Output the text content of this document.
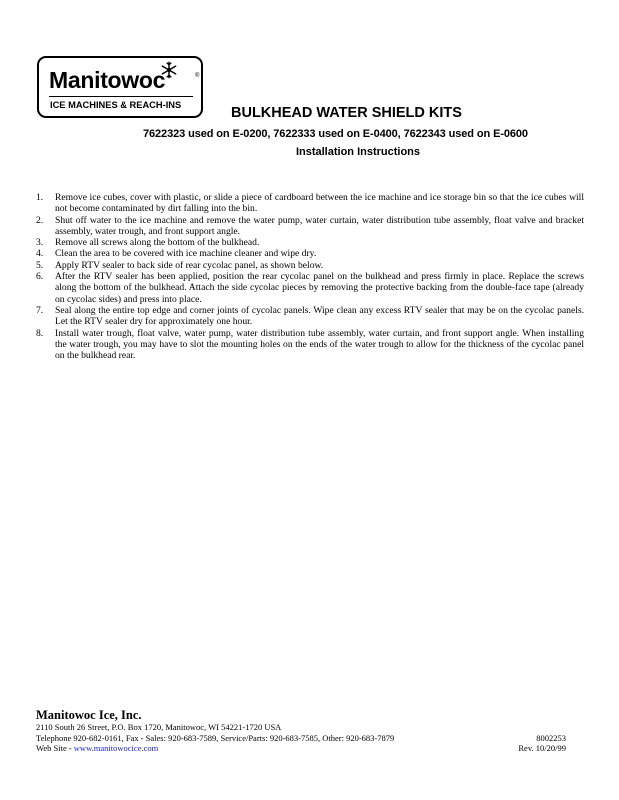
Manitowoc	®
ICE MACHINES & REACH-INS	BULKHEAD WATER SHIELD KITS
7622323 used on E-0200, 7622333 used on E-0400, 7622343 used on E-0600
Installation Instructions
1. Remove ice cubes, cover with plastic, or slide a piece of cardboard between the ice machine and ice storage bin so that the ice cubes will not become contaminated by dirt falling into the bin.
2. Shut off water to the ice machine and remove the water pump, water curtain, water distribution tube assembly, float valve and bracket assembly, water trough, and front support angle.
3. Remove all screws along the bottom of the bulkhead.
4. Clean the area to be covered with ice machine cleaner and wipe dry.
5. Apply RTV sealer to back side of rear cycolac panel, as shown below.
6. After the RTV sealer has been applied, position the rear cycolac panel on the bulkhead and press firmly in place. Replace the screws along the bottom of the bulkhead. Attach the side cycolac pieces by removing the protective backing from the double-face tape (already on cycolac sides) and press into place.
7. Seal along the entire top edge and corner joints of cycolac panels. Wipe clean any excess RTV sealer that may be on the cycolac panels. Let the RTV sealer dry for approximately one hour.
8. Install water trough, float valve, water pump, water distribution tube assembly, water curtain, and front support angle. When installing the water trough, you may have to slot the mounting holes on the ends of the water trough to allow for the thickness of the cycolac panel on the bulkhead rear.
Manitowoc Ice, Inc.
2110 South 26 Street, P.O. Box 1720, Manitowoc, WI 54221-1720 USA
Telephone 920-682-0161, Fax - Sales: 920-683-7589, Service/Parts: 920-683-7585, Other: 920-683-7879	8002253
Web Site - www.manitowocice.com	Rev. 10/20/99
